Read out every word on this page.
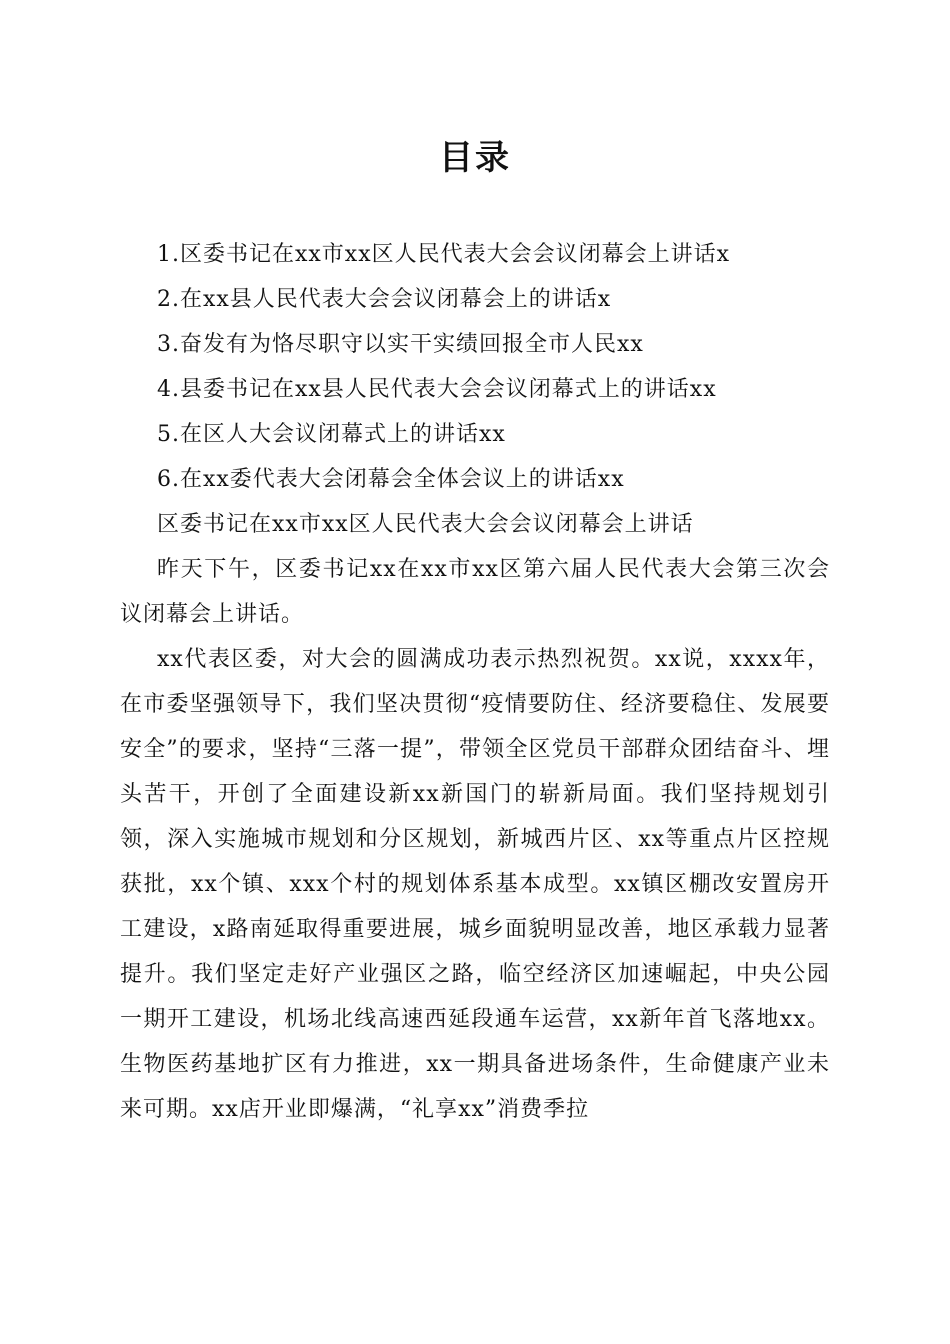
目录
1.区委书记在xx市xx区人民代表大会会议闭幕会上讲话x
2.在xx县人民代表大会会议闭幕会上的讲话x
3.奋发有为恪尽职守以实干实绩回报全市人民xx
4.县委书记在xx县人民代表大会会议闭幕式上的讲话xx
5.在区人大会议闭幕式上的讲话xx
6.在xx委代表大会闭幕会全体会议上的讲话xx
区委书记在xx市xx区人民代表大会会议闭幕会上讲话

昨天下午，区委书记xx在xx市xx区第六届人民代表大会第三次会议闭幕会上讲话。

xx代表区委，对大会的圆满成功表示热烈祝贺。xx说，xxxx年，在市委坚强领导下，我们坚决贯彻“疫情要防住、经济要稳住、发展要安全”的要求，坚持“三落一提”，带领全区党员干部群众团结奋斗、埋头苦干，开创了全面建设新xx新国门的崭新局面。我们坚持规划引领，深入实施城市规划和分区规划，新城西片区、xx等重点片区控规获批，xx个镇、xxx个村的规划体系基本成型。xx镇区棚改安置房开工建设，x路南延取得重要进展，城乡面貌明显改善，地区承载力显著提升。我们坚定走好产业强区之路，临空经济区加速崛起，中央公园一期开工建设，机场北线高速西延段通车运营，xx新年首飞落地xx。生物医药基地扩区有力推进，xx一期具备进场条件，生命健康产业未来可期。xx店开业即爆满，“礼享xx”消费季拉
